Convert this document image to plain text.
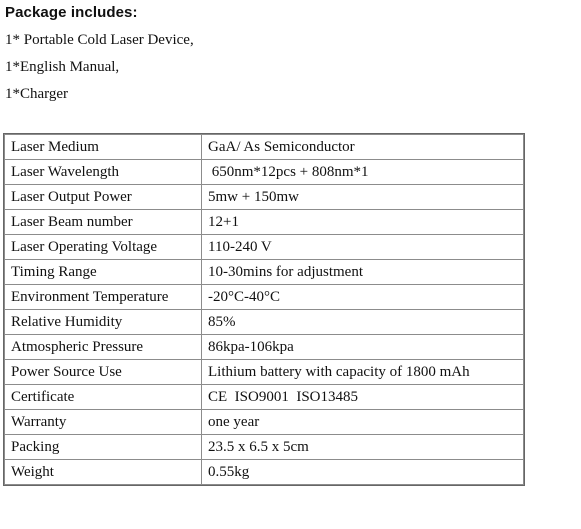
Package includes:
1* Portable Cold Laser Device,
1*English Manual,
1*Charger
Laser Medium	GaA/ As Semiconductor
Laser Wavelength	650nm*12pcs + 808nm*1
Laser Output Power	5mw + 150mw
Laser Beam number	12+1
Laser Operating Voltage	110-240 V
Timing Range	10-30mins for adjustment
Environment Temperature	-20°C-40°C
Relative Humidity	85%
Atmospheric Pressure	86kpa-106kpa
Power Source Use	Lithium battery with capacity of 1800 mAh
Certificate	CE  ISO9001  ISO13485
Warranty	one year
Packing	23.5 x 6.5 x 5cm
Weight	0.55kg
